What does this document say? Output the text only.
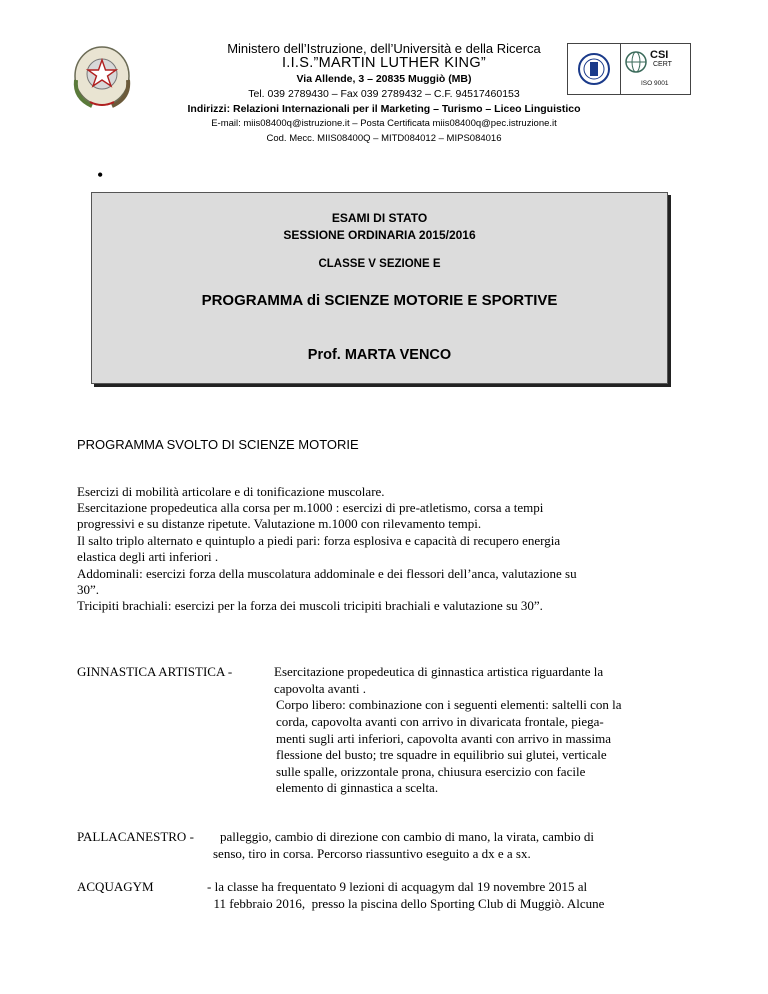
Ministero dell’Istruzione, dell’Università e della Ricerca
I.I.S.”MARTIN LUTHER KING”
Via Allende, 3 – 20835 Muggiò (MB)
Tel. 039 2789430 – Fax 039 2789432 – C.F. 94517460153
Indirizzi: Relazioni Internazionali per il Marketing – Turismo – Liceo Linguistico
E-mail: miis08400q@istruzione.it – Posta Certificata miis08400q@pec.istruzione.it
Cod. Mecc. MIIS08400Q – MITD084012 – MIPS084016
CSI
CERT
ISO 9001
•
ESAMI DI STATO
SESSIONE ORDINARIA 2015/2016
CLASSE V SEZIONE E
PROGRAMMA di SCIENZE MOTORIE E SPORTIVE
Prof. MARTA VENCO
PROGRAMMA SVOLTO DI SCIENZE MOTORIE
Esercizi di mobilità articolare e di tonificazione muscolare.
Esercitazione propedeutica alla corsa per m.1000 : esercizi di pre-atletismo, corsa a tempi
progressivi e su distanze ripetute. Valutazione m.1000 con rilevamento tempi.
Il salto triplo alternato e quintuplo a piedi pari: forza esplosiva e capacità di recupero energia
elastica degli arti inferiori .
Addominali: esercizi forza della muscolatura addominale e dei flessori dell’anca, valutazione su
30”.
Tricipiti brachiali: esercizi per la forza dei muscoli tricipiti brachiali e valutazione su 30”.
GINNASTICA ARTISTICA -	Esercitazione propedeutica di ginnastica artistica riguardante la
capovolta avanti .
Corpo libero: combinazione con i seguenti elementi: saltelli con la
corda, capovolta avanti con arrivo in divaricata frontale, piega-
menti sugli arti inferiori, capovolta avanti con arrivo in massima
flessione del busto; tre squadre in equilibrio sui glutei, verticale
sulle spalle, orizzontale prona, chiusura esercizio con facile
elemento di ginnastica a scelta.
PALLACANESTRO - palleggio, cambio di direzione con cambio di mano, la virata, cambio di
senso, tiro in corsa. Percorso riassuntivo eseguito a dx e a sx.
ACQUAGYM	- la classe ha frequentato 9 lezioni di acquagym dal 19 novembre 2015 al
11 febbraio 2016,  presso la piscina dello Sporting Club di Muggiò. Alcune
